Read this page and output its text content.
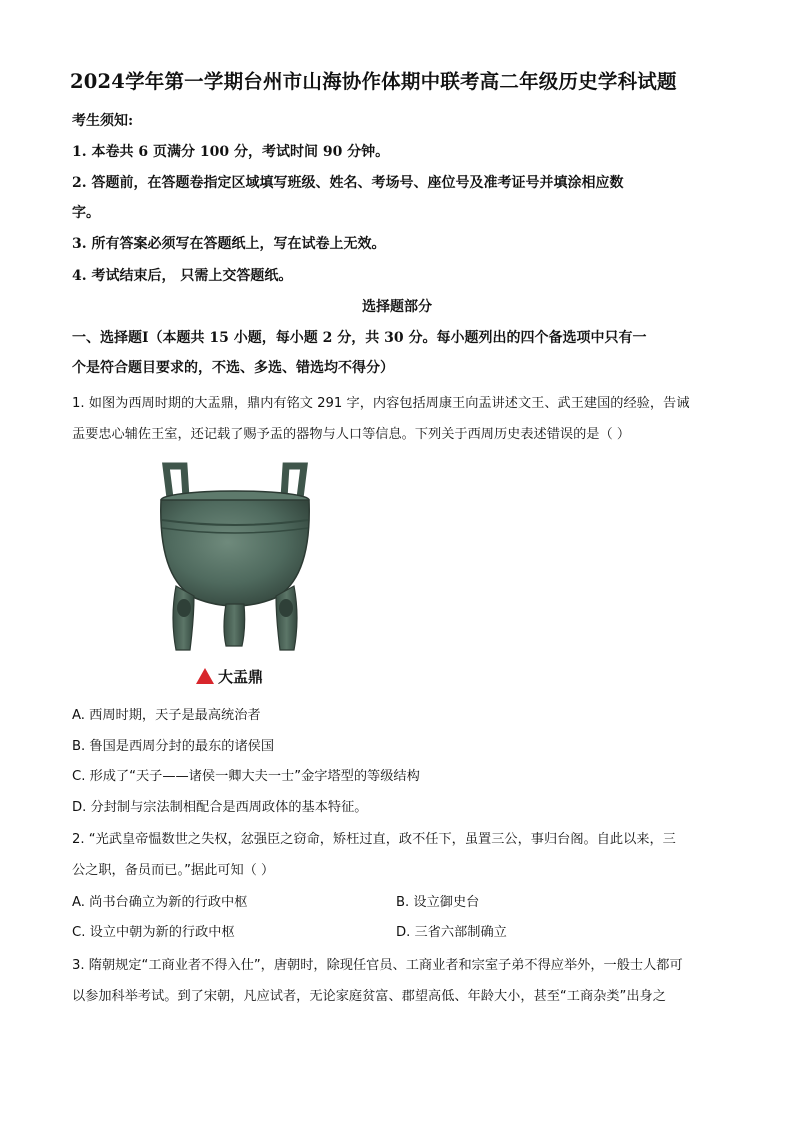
2024学年第一学期台州市山海协作体期中联考高二年级历史学科试题
考生须知:
1. 本卷共 6 页满分 100 分，考试时间 90 分钟。
2. 答题前，在答题卷指定区域填写班级、姓名、考场号、座位号及准考证号并填涂相应数
字。
3. 所有答案必须写在答题纸上，写在试卷上无效。
4. 考试结束后， 只需上交答题纸。
选择题部分
一、选择题Ⅰ（本题共 15 小题，每小题 2 分，共 30 分。每小题列出的四个备选项中只有一
个是符合题目要求的，不选、多选、错选均不得分）
1. 如图为西周时期的大盂鼎，鼎内有铭文 291 字，内容包括周康王向盂讲述文王、武王建国的经验，告诫
盂要忠心辅佐王室，还记载了赐予盂的器物与人口等信息。下列关于西周历史表述错误的是（ ）
大盂鼎
A. 西周时期，天子是最高统治者
B. 鲁国是西周分封的最东的诸侯国
C. 形成了“天子——诸侯一卿大夫一士”金字塔型的等级结构
D. 分封制与宗法制相配合是西周政体的基本特征。
2. “光武皇帝愠数世之失权，忿强臣之窃命，矫枉过直，政不任下，虽置三公，事归台阁。自此以来，三
公之职，备员而已。”据此可知（ ）
A. 尚书台确立为新的行政中枢	B. 设立御史台
C. 设立中朝为新的行政中枢	D. 三省六部制确立
3. 隋朝规定“工商业者不得入仕”，唐朝时，除现任官员、工商业者和宗室子弟不得应举外，一般士人都可
以参加科举考试。到了宋朝，凡应试者，无论家庭贫富、郡望高低、年龄大小，甚至“工商杂类”出身之
